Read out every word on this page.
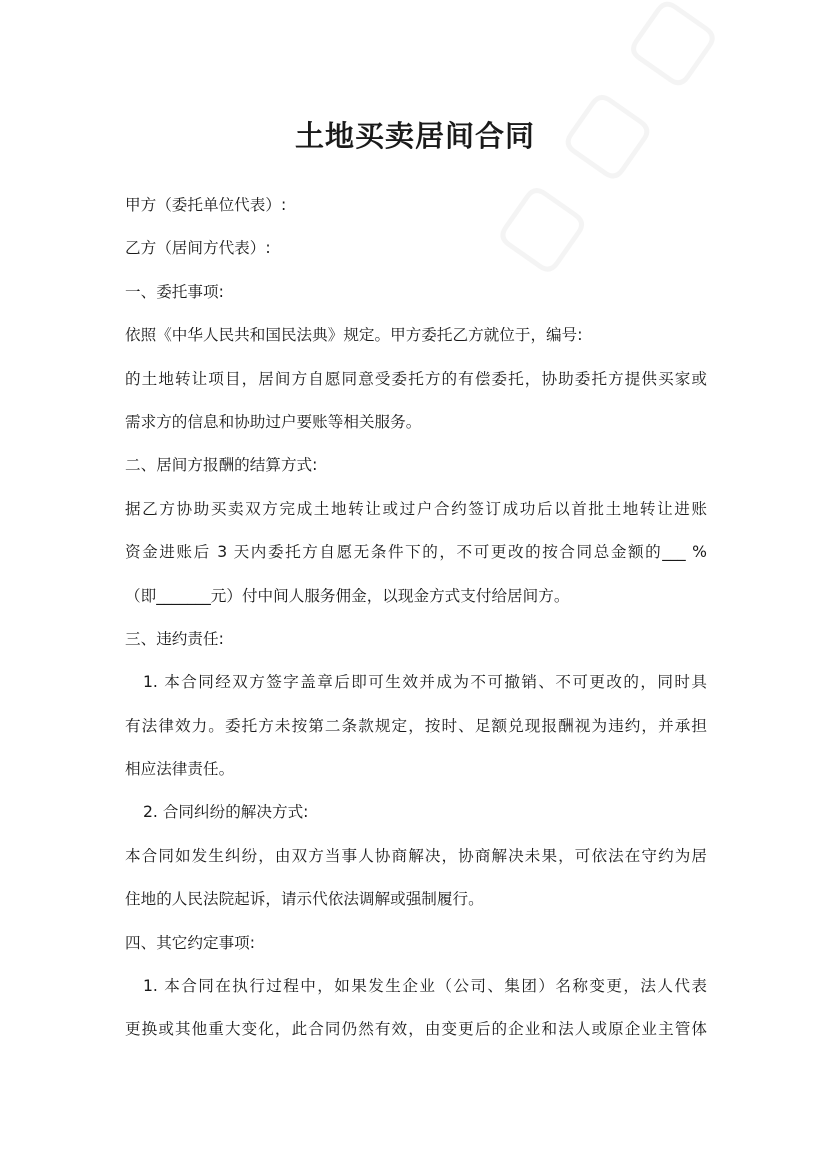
土地买卖居间合同
甲方（委托单位代表）:
乙方（居间方代表）:
一、委托事项:
依照《中华人民共和国民法典》规定。甲方委托乙方就位于，编号:
的土地转让项目，居间方自愿同意受委托方的有偿委托，协助委托方提供买家或
需求方的信息和协助过户要账等相关服务。
二、居间方报酬的结算方式:
据乙方协助买卖双方完成土地转让或过户合约签订成功后以首批土地转让进账
资金进账后 3 天内委托方自愿无条件下的，不可更改的按合同总金额的___ %
（即_______元）付中间人服务佣金，以现金方式支付给居间方。
三、违约责任:
1. 本合同经双方签字盖章后即可生效并成为不可撤销、不可更改的，同时具
有法律效力。委托方未按第二条款规定，按时、足额兑现报酬视为违约，并承担
相应法律责任。
2. 合同纠纷的解决方式:
本合同如发生纠纷，由双方当事人协商解决，协商解决未果，可依法在守约为居
住地的人民法院起诉，请示代依法调解或强制履行。
四、其它约定事项:
1. 本合同在执行过程中，如果发生企业（公司、集团）名称变更，法人代表
更换或其他重大变化，此合同仍然有效，由变更后的企业和法人或原企业主管体
